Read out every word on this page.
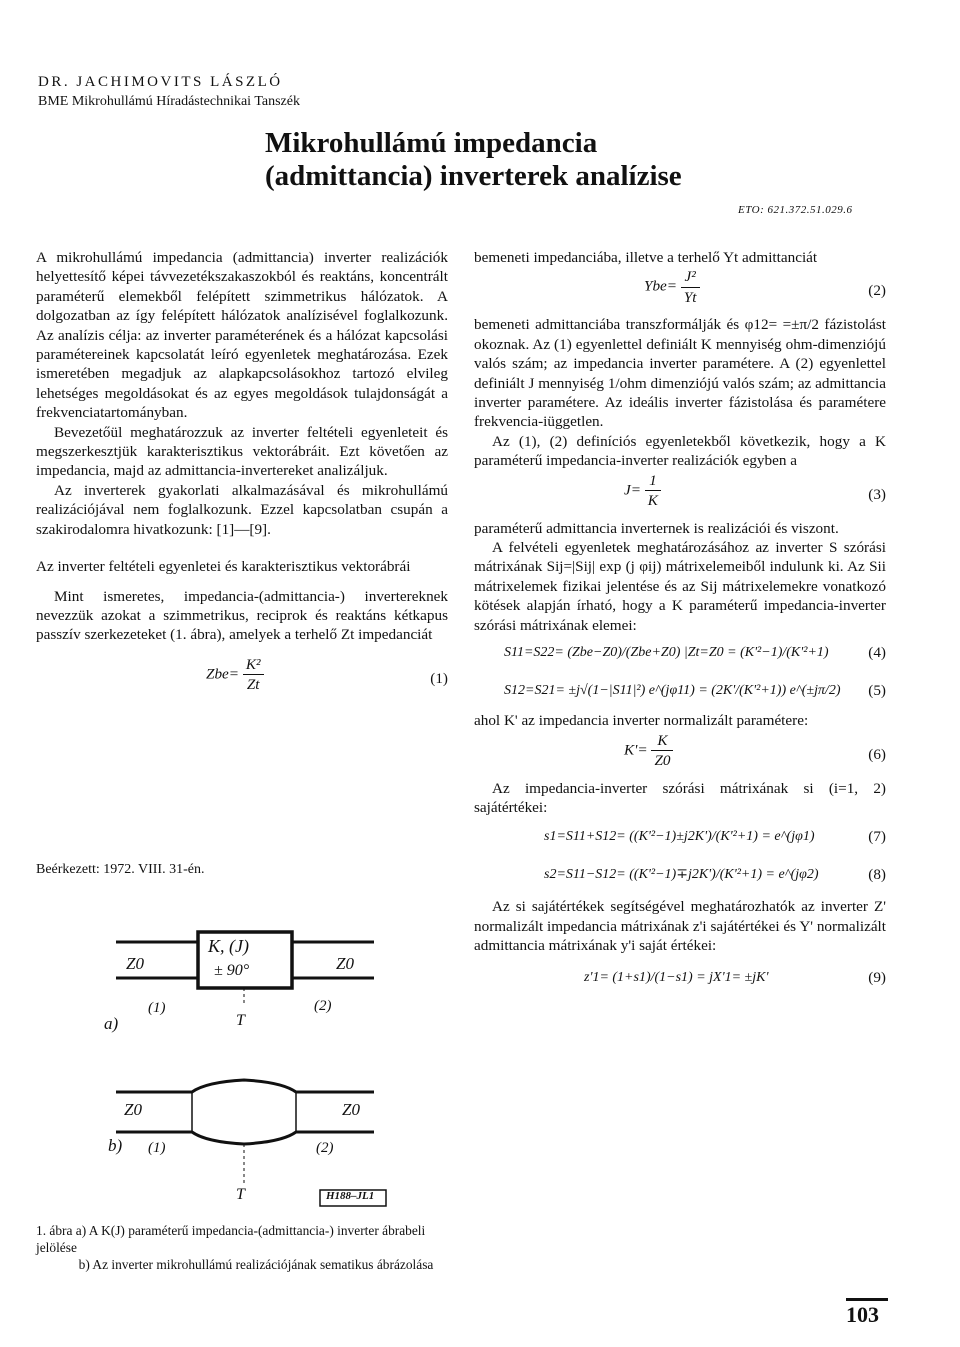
DR. JACHIMOVITS LÁSZLÓ
BME Mikrohullámú Híradástechnikai Tanszék
Mikrohullámú impedancia
(admittancia) inverterek analízise
ETO: 621.372.51.029.6

A mikrohullámú impedancia (admittancia) inverter realizációk helyettesítő képei távvezetékszakaszokból és reaktáns, koncentrált paraméterű elemekből felépített szimmetrikus hálózatok. A dolgozatban az így felépített hálózatok analízisével foglalkozunk. Az analízis célja: az inverter paraméterének és a hálózat kapcsolási paramétereinek kapcsolatát leíró egyenletek meghatározása. Ezek ismeretében megadjuk az alapkapcsolásokhoz tartozó elvileg lehetséges megoldásokat és az egyes megoldások tulajdonságát a frekvenciatartományban.

Bevezetőül meghatározzuk az inverter feltételi egyenleteit és megszerkesztjük karakterisztikus vektorábráit. Ezt követően az impedancia, majd az admittancia-invertereket analizáljuk.

Az inverterek gyakorlati alkalmazásával és mikrohullámú realizációjával nem foglalkozunk. Ezzel kapcsolatban csupán a szakirodalomra hivatkozunk: [1]—[9].

Az inverter feltételi egyenletei és karakterisztikus vektorábrái

Mint ismeretes, impedancia-(admittancia-) invertereknek nevezzük azokat a szimmetrikus, reciprok és reaktáns kétkapus passzív szerkezeteket (1. ábra), amelyek a terhelő Zt impedanciát

$Zbe= \frac{\text{K²}}{Zt}$	(1)
Beérkezett: 1972. VIII. 31-én.
a)
b)
K, (J)
± 90°
Z0	Z0
(1)	(2)
T
Z0	Z0
(1)	(2)
T	H188–JL1
1. ábra a) A K(J) paraméterű impedancia-(admittancia-) inverter ábrabeli jelölése
b) Az inverter mikrohullámú realizációjának sematikus ábrázolása

bemeneti impedanciába, illetve a terhelő Yt admittanciát

$Ybe= \frac{\text{J²}}{Yt}$	(2)

bemeneti admittanciába transzformálják és φ12= =±π/2 fázistolást okoznak. Az (1) egyenlettel definiált K mennyiség ohm-dimenziójú valós szám; az impedancia inverter paramétere. A (2) egyenlettel definiált J mennyiség 1/ohm dimenziójú valós szám; az admittancia inverter paramétere. Az ideális inverter fázistolása és paramétere frekvencia-iüggetlen.

Az (1), (2) definíciós egyenletekből következik, hogy a K paraméterű impedancia-inverter realizációk egyben a

$J= \frac{1}{K}$	(3)

paraméterű admittancia inverternek is realizációi és viszont.

A felvételi egyenletek meghatározásához az inverter S szórási mátrixának Sij=|Sij| exp (j φij) mátrixelemeiből indulunk ki. Az Sii mátrixelemek fizikai jelentése és az Sij mátrixelemekre vonatkozó kötések alapján írható, hogy a K paraméterű impedancia-inverter szórási mátrixának elemei:

S11=S22= (Zbe−Z0)/(Zbe+Z0) |Zt=Z0 = (K'²−1)/(K'²+1)	(4)
S12=S21= ±j√(1−|S11|²) e^(jφ11) = (2K'/(K'²+1)) e^(±jπ/2) (5)

ahol K' az impedancia inverter normalizált paramétere:

$K'= \frac{K}{Z0}$	(6)

Az impedancia-inverter szórási mátrixának si (i=1, 2) sajátértékei:

s1=S11+S12= ((K'²−1)±j2K')/(K'²+1) = e^(jφ1)	(7)
s2=S11−S12= ((K'²−1)∓j2K')/(K'²+1) = e^(jφ2)	(8)

Az si sajátértékek segítségével meghatározhatók az inverter Z' normalizált impedancia mátrixának z'i sajátértékei és Y' normalizált admittancia mátrixának y'i saját értékei:

z'1= (1+s1)/(1−s1) = jX'1= ±jK'	(9)
103
